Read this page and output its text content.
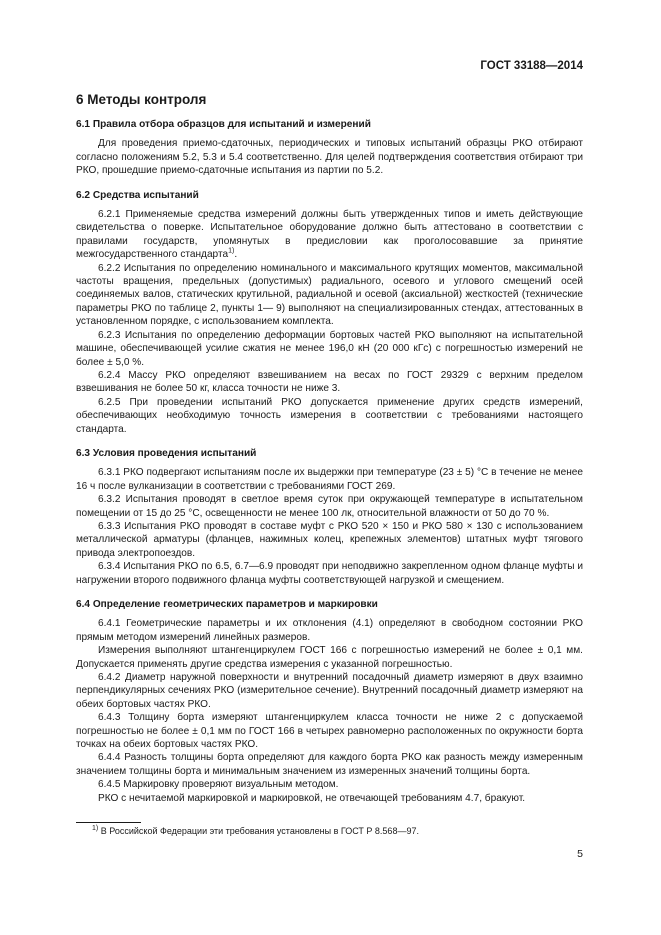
ГОСТ 33188—2014
6 Методы контроля
6.1 Правила отбора образцов для испытаний и измерений

Для проведения приемо-сдаточных, периодических и типовых испытаний образцы РКО отбирают согласно положениям 5.2, 5.3 и 5.4 соответственно. Для целей подтверждения соответствия отбирают три РКО, прошедшие приемо-сдаточные испытания из партии по 5.2.

6.2 Средства испытаний

6.2.1 Применяемые средства измерений должны быть утвержденных типов и иметь действующие свидетельства о поверке. Испытательное оборудование должно быть аттестовано в соответствии с правилами государств, упомянутых в предисловии как проголосовавшие за принятие межгосударственного стандарта$^{1)}$.

6.2.2 Испытания по определению номинального и максимального крутящих моментов, максимальной частоты вращения, предельных (допустимых) радиального, осевого и углового смещений осей соединяемых валов, статических крутильной, радиальной и осевой (аксиальной) жесткостей (технические параметры РКО по таблице 2, пункты 1— 9) выполняют на специализированных стендах, аттестованных в установленном порядке, с использованием комплекта.

6.2.3 Испытания по определению деформации бортовых частей РКО выполняют на испытательной машине, обеспечивающей усилие сжатия не менее 196,0 кН (20 000 кГс) с погрешностью измерений не более ± 5,0 %.

6.2.4 Массу РКО определяют взвешиванием на весах по ГОСТ 29329 с верхним пределом взвешивания не более 50 кг, класса точности не ниже 3.

6.2.5 При проведении испытаний РКО допускается применение других средств измерений, обеспечивающих необходимую точность измерения в соответствии с требованиями настоящего стандарта.

6.3 Условия проведения испытаний

6.3.1 РКО подвергают испытаниям после их выдержки при температуре (23 ± 5) °С в течение не менее 16 ч после вулканизации в соответствии с требованиями ГОСТ 269.

6.3.2 Испытания проводят в светлое время суток при окружающей температуре в испытательном помещении от 15 до 25 °С, освещенности не менее 100 лк, относительной влажности от 50 до 70 %.

6.3.3 Испытания РКО проводят в составе муфт с РКО 520 × 150 и РКО 580 × 130 с использованием металлической арматуры (фланцев, нажимных колец, крепежных элементов) штатных муфт тягового привода электропоездов.

6.3.4 Испытания РКО по 6.5, 6.7—6.9 проводят при неподвижно закрепленном одном фланце муфты и нагружении второго подвижного фланца муфты соответствующей нагрузкой и смещением.

6.4 Определение геометрических параметров и маркировки

6.4.1 Геометрические параметры и их отклонения (4.1) определяют в свободном состоянии РКО прямым методом измерений линейных размеров.

Измерения выполняют штангенциркулем ГОСТ 166 с погрешностью измерений не более ± 0,1 мм. Допускается применять другие средства измерения с указанной погрешностью.

6.4.2 Диаметр наружной поверхности и внутренний посадочный диаметр измеряют в двух взаимно перпендикулярных сечениях РКО (измерительное сечение). Внутренний посадочный диаметр измеряют на обеих бортовых частях РКО.

6.4.3 Толщину борта измеряют штангенциркулем класса точности не ниже 2 с допускаемой погрешностью не более ± 0,1 мм по ГОСТ 166 в четырех равномерно расположенных по окружности борта точках на обеих бортовых частях РКО.

6.4.4 Разность толщины борта определяют для каждого борта РКО как разность между измеренным значением толщины борта и минимальным значением из измеренных значений толщины борта.

6.4.5 Маркировку проверяют визуальным методом.

РКО с нечитаемой маркировкой и маркировкой, не отвечающей требованиям 4.7, бракуют.

$^{1)}$ В Российской Федерации эти требования установлены в ГОСТ Р 8.568—97.
5
